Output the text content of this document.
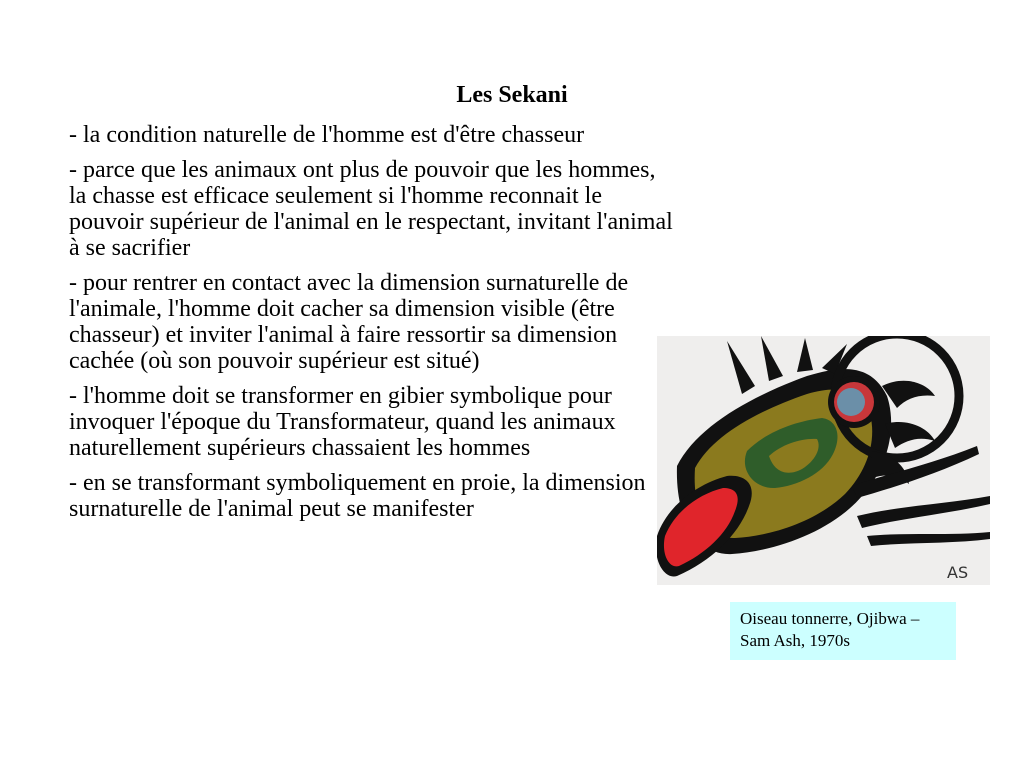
Les Sekani
- la condition naturelle de l'homme est d'être chasseur
- parce que les animaux ont plus de pouvoir que les hommes, la chasse est efficace seulement si l'homme reconnait le pouvoir supérieur de l'animal en le respectant, invitant l'animal à se sacrifier
- pour rentrer en contact avec la dimension surnaturelle de l'animale, l'homme doit cacher sa dimension visible (être chasseur) et inviter l'animal à faire ressortir sa dimension cachée (où son pouvoir supérieur est situé)
- l'homme doit se transformer en gibier symbolique pour invoquer l'époque du Transformateur, quand les animaux naturellement supérieurs chassaient les hommes
- en se transformant symboliquement en proie, la dimension surnaturelle de l'animal peut se manifester
AS
Oiseau tonnerre, Ojibwa – Sam Ash, 1970s
